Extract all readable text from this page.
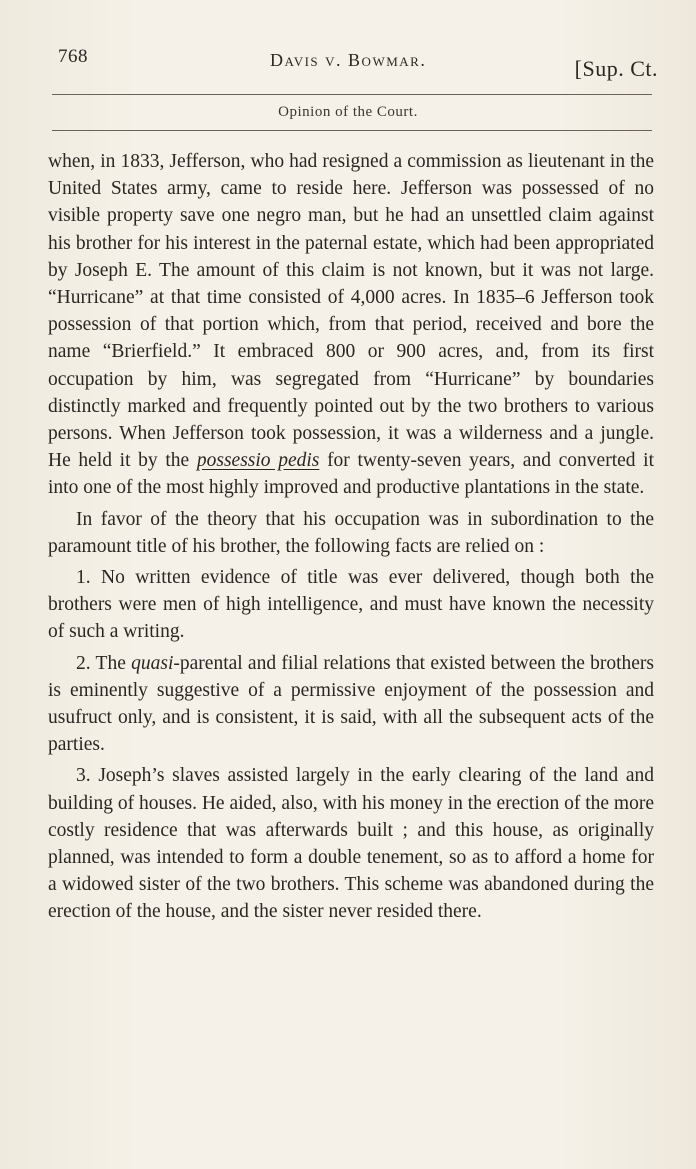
768	Davis v. Bowmar.	[Sup. Ct.
Opinion of the Court.

when, in 1833, Jefferson, who had resigned a commission as lieutenant in the United States army, came to reside here. Jefferson was possessed of no visible property save one negro man, but he had an unsettled claim against his brother for his interest in the paternal estate, which had been appropriated by Joseph E. The amount of this claim is not known, but it was not large. “Hurricane” at that time consisted of 4,000 acres. In 1835–6 Jefferson took possession of that portion which, from that period, received and bore the name “Brierfield.” It embraced 800 or 900 acres, and, from its first occupation by him, was segregated from “Hurricane” by boundaries distinctly marked and frequently pointed out by the two brothers to various persons. When Jefferson took possession, it was a wilderness and a jungle. He held it by the possessio pedis for twenty-seven years, and converted it into one of the most highly improved and productive plantations in the state.

In favor of the theory that his occupation was in subordination to the paramount title of his brother, the following facts are relied on :

1. No written evidence of title was ever delivered, though both the brothers were men of high intelligence, and must have known the necessity of such a writing.

2. The quasi-parental and filial relations that existed between the brothers is eminently suggestive of a permissive enjoyment of the possession and usufruct only, and is consistent, it is said, with all the subsequent acts of the parties.

3. Joseph’s slaves assisted largely in the early clearing of the land and building of houses. He aided, also, with his money in the erection of the more costly residence that was afterwards built ; and this house, as originally planned, was intended to form a double tenement, so as to afford a home for a widowed sister of the two brothers. This scheme was abandoned during the erection of the house, and the sister never resided there.
